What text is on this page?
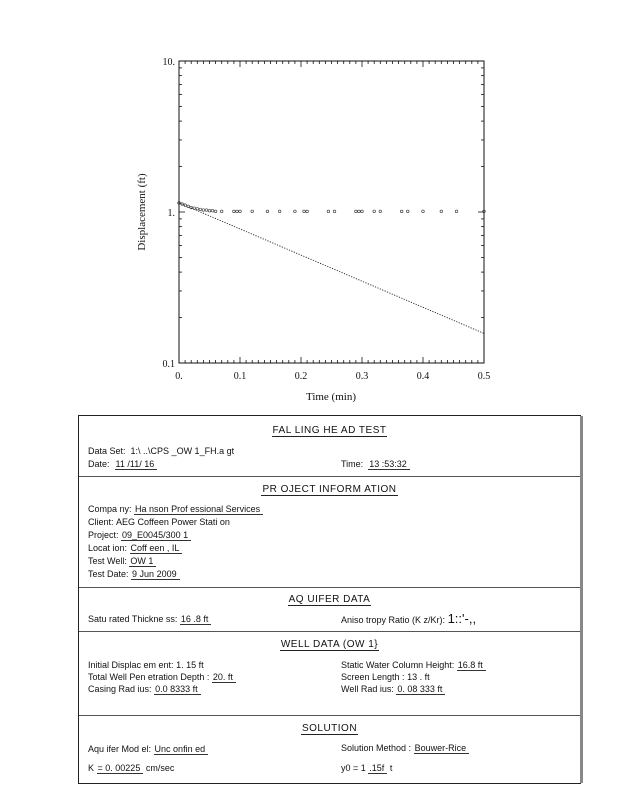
0.	0.1	0.2	0.3	0.4	0.5
0.1
1.
10.
Time (min)
Displacement (ft)
FAL LING HE AD TEST
Data Set: 1:\ ..\CPS _OW 1_FH.a gt
Date: 11 /11/ 16	Time: 13 :53:32
PR OJECT INFORM ATION
Compa ny: Ha nson Prof essional Services
Client: AEG Coffeen Power Stati on
Project: 09_E0045/300 1
Locat ion: Coff een , IL
Test Well: OW 1
Test Date: 9 Jun 2009
AQ UIFER DATA
Satu rated Thickne ss: 16 .8 ft	Aniso tropy Ratio (K z/Kr): 1::'-,,
WELL DATA (OW 1}
Initial Displac em ent: 1. 15 ft	Static Water Column Height: 16.8 ft
Total Well Pen etration Depth : 20. ft	Screen Length : 13 . ft
Casing Rad ius: 0.0 8333 ft	Well Rad ius: 0. 08 333 ft
SOLUTION
Aqu ifer Mod el: Unc onfin ed	Solution Method : Bouwer-Rice
K = 0. 00225 cm/sec	y0 = 1 .15f t
